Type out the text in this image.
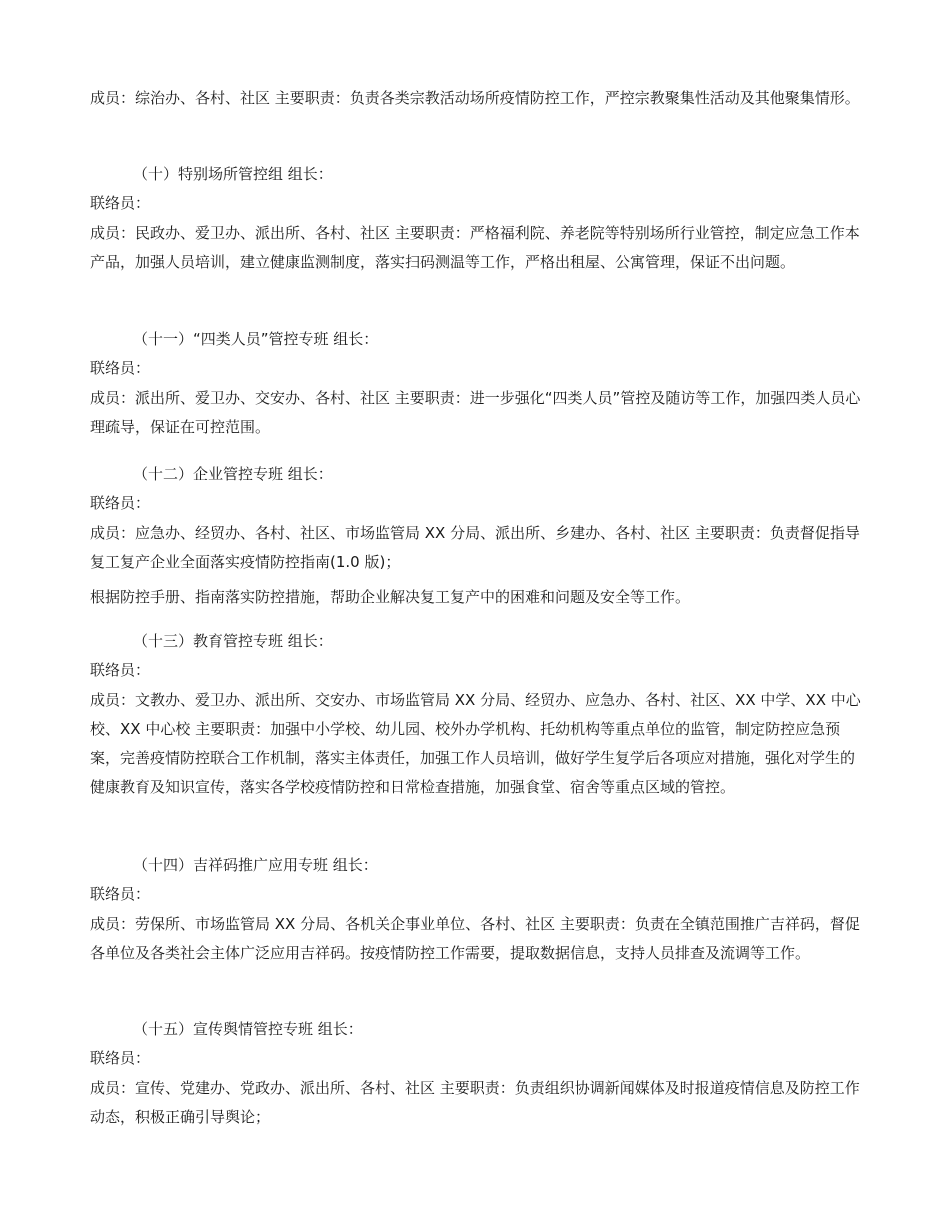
成员：综治办、各村、社区 主要职责：负责各类宗教活动场所疫情防控工作，严控宗教聚集性活动及其他聚集情形。

（十）特别场所管控组 组长：

联络员：

成员：民政办、爱卫办、派出所、各村、社区 主要职责：严格福利院、养老院等特别场所行业管控，制定应急工作本产品，加强人员培训，建立健康监测制度，落实扫码测温等工作，严格出租屋、公寓管理，保证不出问题。

（十一）“四类人员”管控专班 组长：

联络员：

成员：派出所、爱卫办、交安办、各村、社区 主要职责：进一步强化“四类人员”管控及随访等工作，加强四类人员心理疏导，保证在可控范围。

（十二）企业管控专班 组长：

联络员：

成员：应急办、经贸办、各村、社区、市场监管局 XX 分局、派出所、乡建办、各村、社区 主要职责：负责督促指导复工复产企业全面落实疫情防控指南(1.0 版)；

根据防控手册、指南落实防控措施，帮助企业解决复工复产中的困难和问题及安全等工作。

（十三）教育管控专班 组长：

联络员：

成员：文教办、爱卫办、派出所、交安办、市场监管局 XX 分局、经贸办、应急办、各村、社区、XX 中学、XX 中心校、XX 中心校 主要职责：加强中小学校、幼儿园、校外办学机构、托幼机构等重点单位的监管，制定防控应急预案，完善疫情防控联合工作机制，落实主体责任，加强工作人员培训，做好学生复学后各项应对措施，强化对学生的健康教育及知识宣传，落实各学校疫情防控和日常检查措施，加强食堂、宿舍等重点区域的管控。

（十四）吉祥码推广应用专班 组长：

联络员：

成员：劳保所、市场监管局 XX 分局、各机关企事业单位、各村、社区 主要职责：负责在全镇范围推广吉祥码，督促各单位及各类社会主体广泛应用吉祥码。按疫情防控工作需要，提取数据信息，支持人员排查及流调等工作。

（十五）宣传舆情管控专班 组长：

联络员：

成员：宣传、党建办、党政办、派出所、各村、社区 主要职责：负责组织协调新闻媒体及时报道疫情信息及防控工作动态，积极正确引导舆论；
